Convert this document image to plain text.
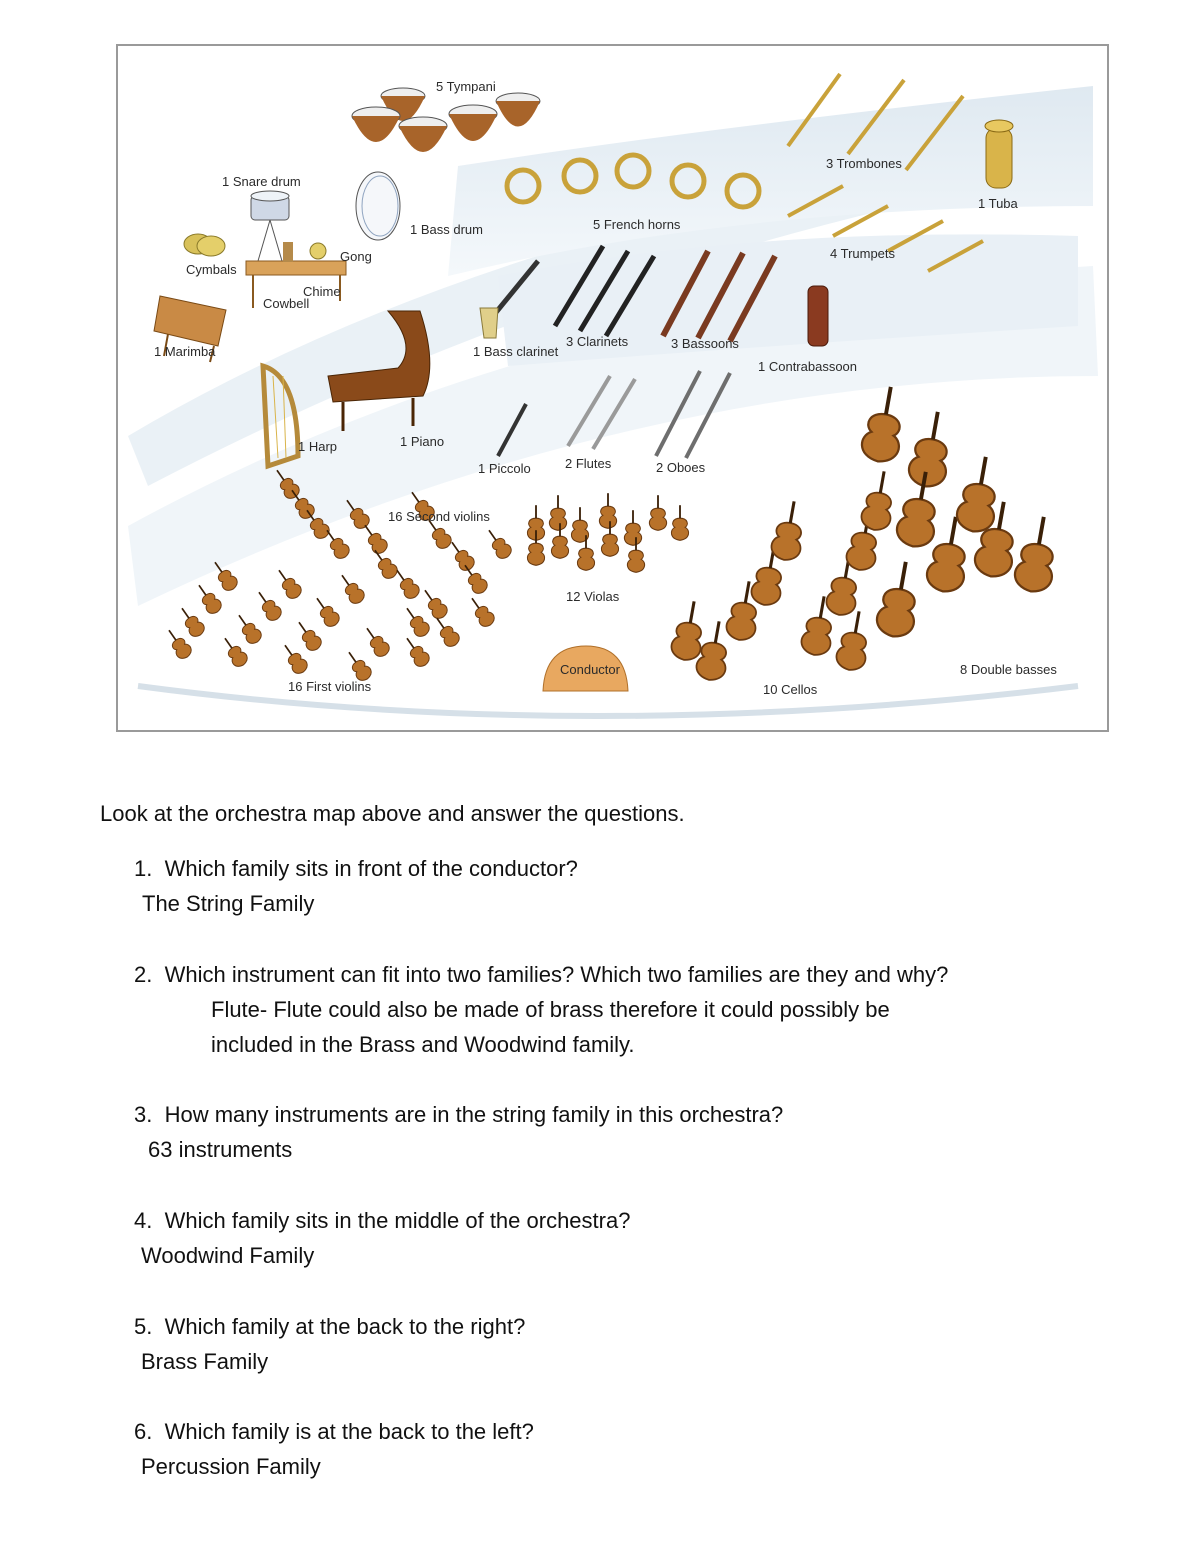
5 Tympani
1 Snare drum
1 Bass drum
Cymbals
Gong
Chime
Cowbell
1 Marimba
5 French horns
3 Trombones
1 Tuba
4 Trumpets
1 Bass clarinet
3 Clarinets	3 Bassoons
1 Contrabassoon
1 Harp	1 Piano
1 Piccolo	2 Flutes	2 Oboes
16 Second violins
12 Violas
16 First violins	10 Cellos
8 Double basses
Conductor
Look at the orchestra map above and answer the questions.
1. Which family sits in front of the conductor?
The String Family
2. Which instrument can fit into two families? Which two families are they and why?
Flute- Flute could also be made of brass therefore it could possibly be
included in the Brass and Woodwind family.
3. How many instruments are in the string family in this orchestra?
63 instruments
4. Which family sits in the middle of the orchestra?
Woodwind Family
5. Which family at the back to the right?
Brass Family
6. Which family is at the back to the left?
Percussion Family
